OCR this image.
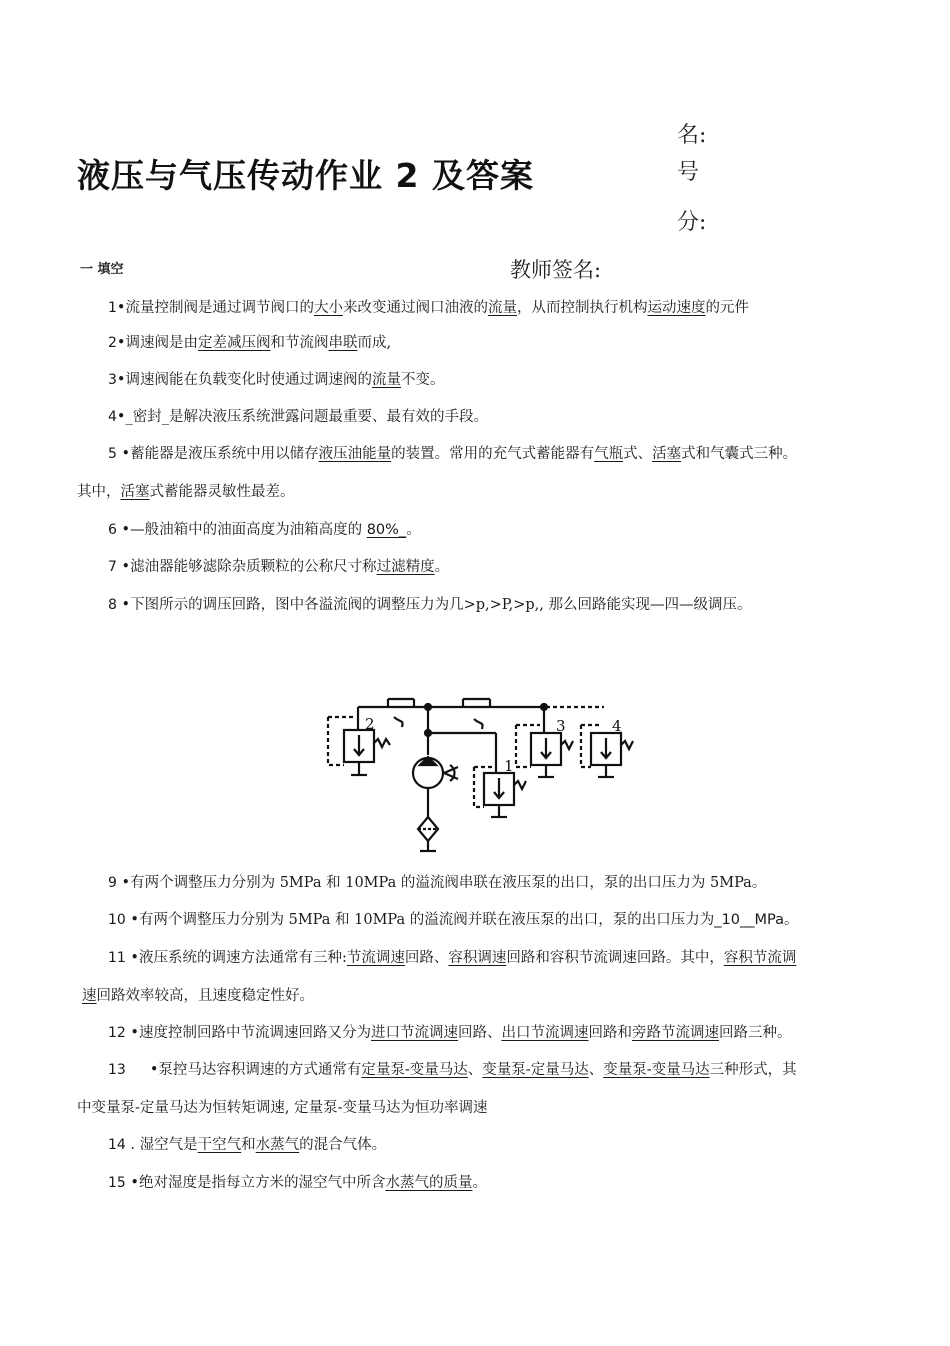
液压与气压传动作业 2 及答案
名:
号
分:
一 填空	教师签名:
1•流量控制阀是通过调节阀口的大小来改变通过阀口油液的流量，从而控制执行机构运动速度的元件
2•调速阀是由定差减压阀和节流阀串联而成,
3•调速阀能在负载变化时使通过调速阀的流量不变。
4•_密封_是解决液压系统泄露问题最重要、最有效的手段。
5 •蓄能器是液压系统中用以储存液压油能量的装置。常用的充气式蓄能器有气瓶式、活塞式和气囊式三种。
其中，活塞式蓄能器灵敏性最差。
6 •—般油箱中的油面高度为油箱高度的 80%_。
7 •滤油器能够滤除杂质颗粒的公称尺寸称过滤精度。
8 •下图所示的调压回路，图中各溢流阀的调整压力为几>p,>P,>p,, 那么回路能实现—四—级调压。
2	3	4
1
9 •有两个调整压力分别为 5MPa 和 10MPa 的溢流阀串联在液压泵的出口，泵的出口压力为 5MPa。
10 •有两个调整压力分别为 5MPa 和 10MPa 的溢流阀并联在液压泵的出口，泵的出口压力为_10__MPa。
11 •液压系统的调速方法通常有三种:节流调速回路、容积调速回路和容积节流调速回路。其中，容积节流调
速回路效率较高，且速度稳定性好。
12 •速度控制回路中节流调速回路又分为进口节流调速回路、出口节流调速回路和旁路节流调速回路三种。
13 •泵控马达容积调速的方式通常有定量泵-变量马达、变量泵-定量马达、变量泵-变量马达三种形式，其
中变量泵-定量马达为恒转矩调速, 定量泵-变量马达为恒功率调速
14 . 湿空气是干空气和水蒸气的混合气体。
15 •绝对湿度是指每立方米的湿空气中所含水蒸气的质量。
